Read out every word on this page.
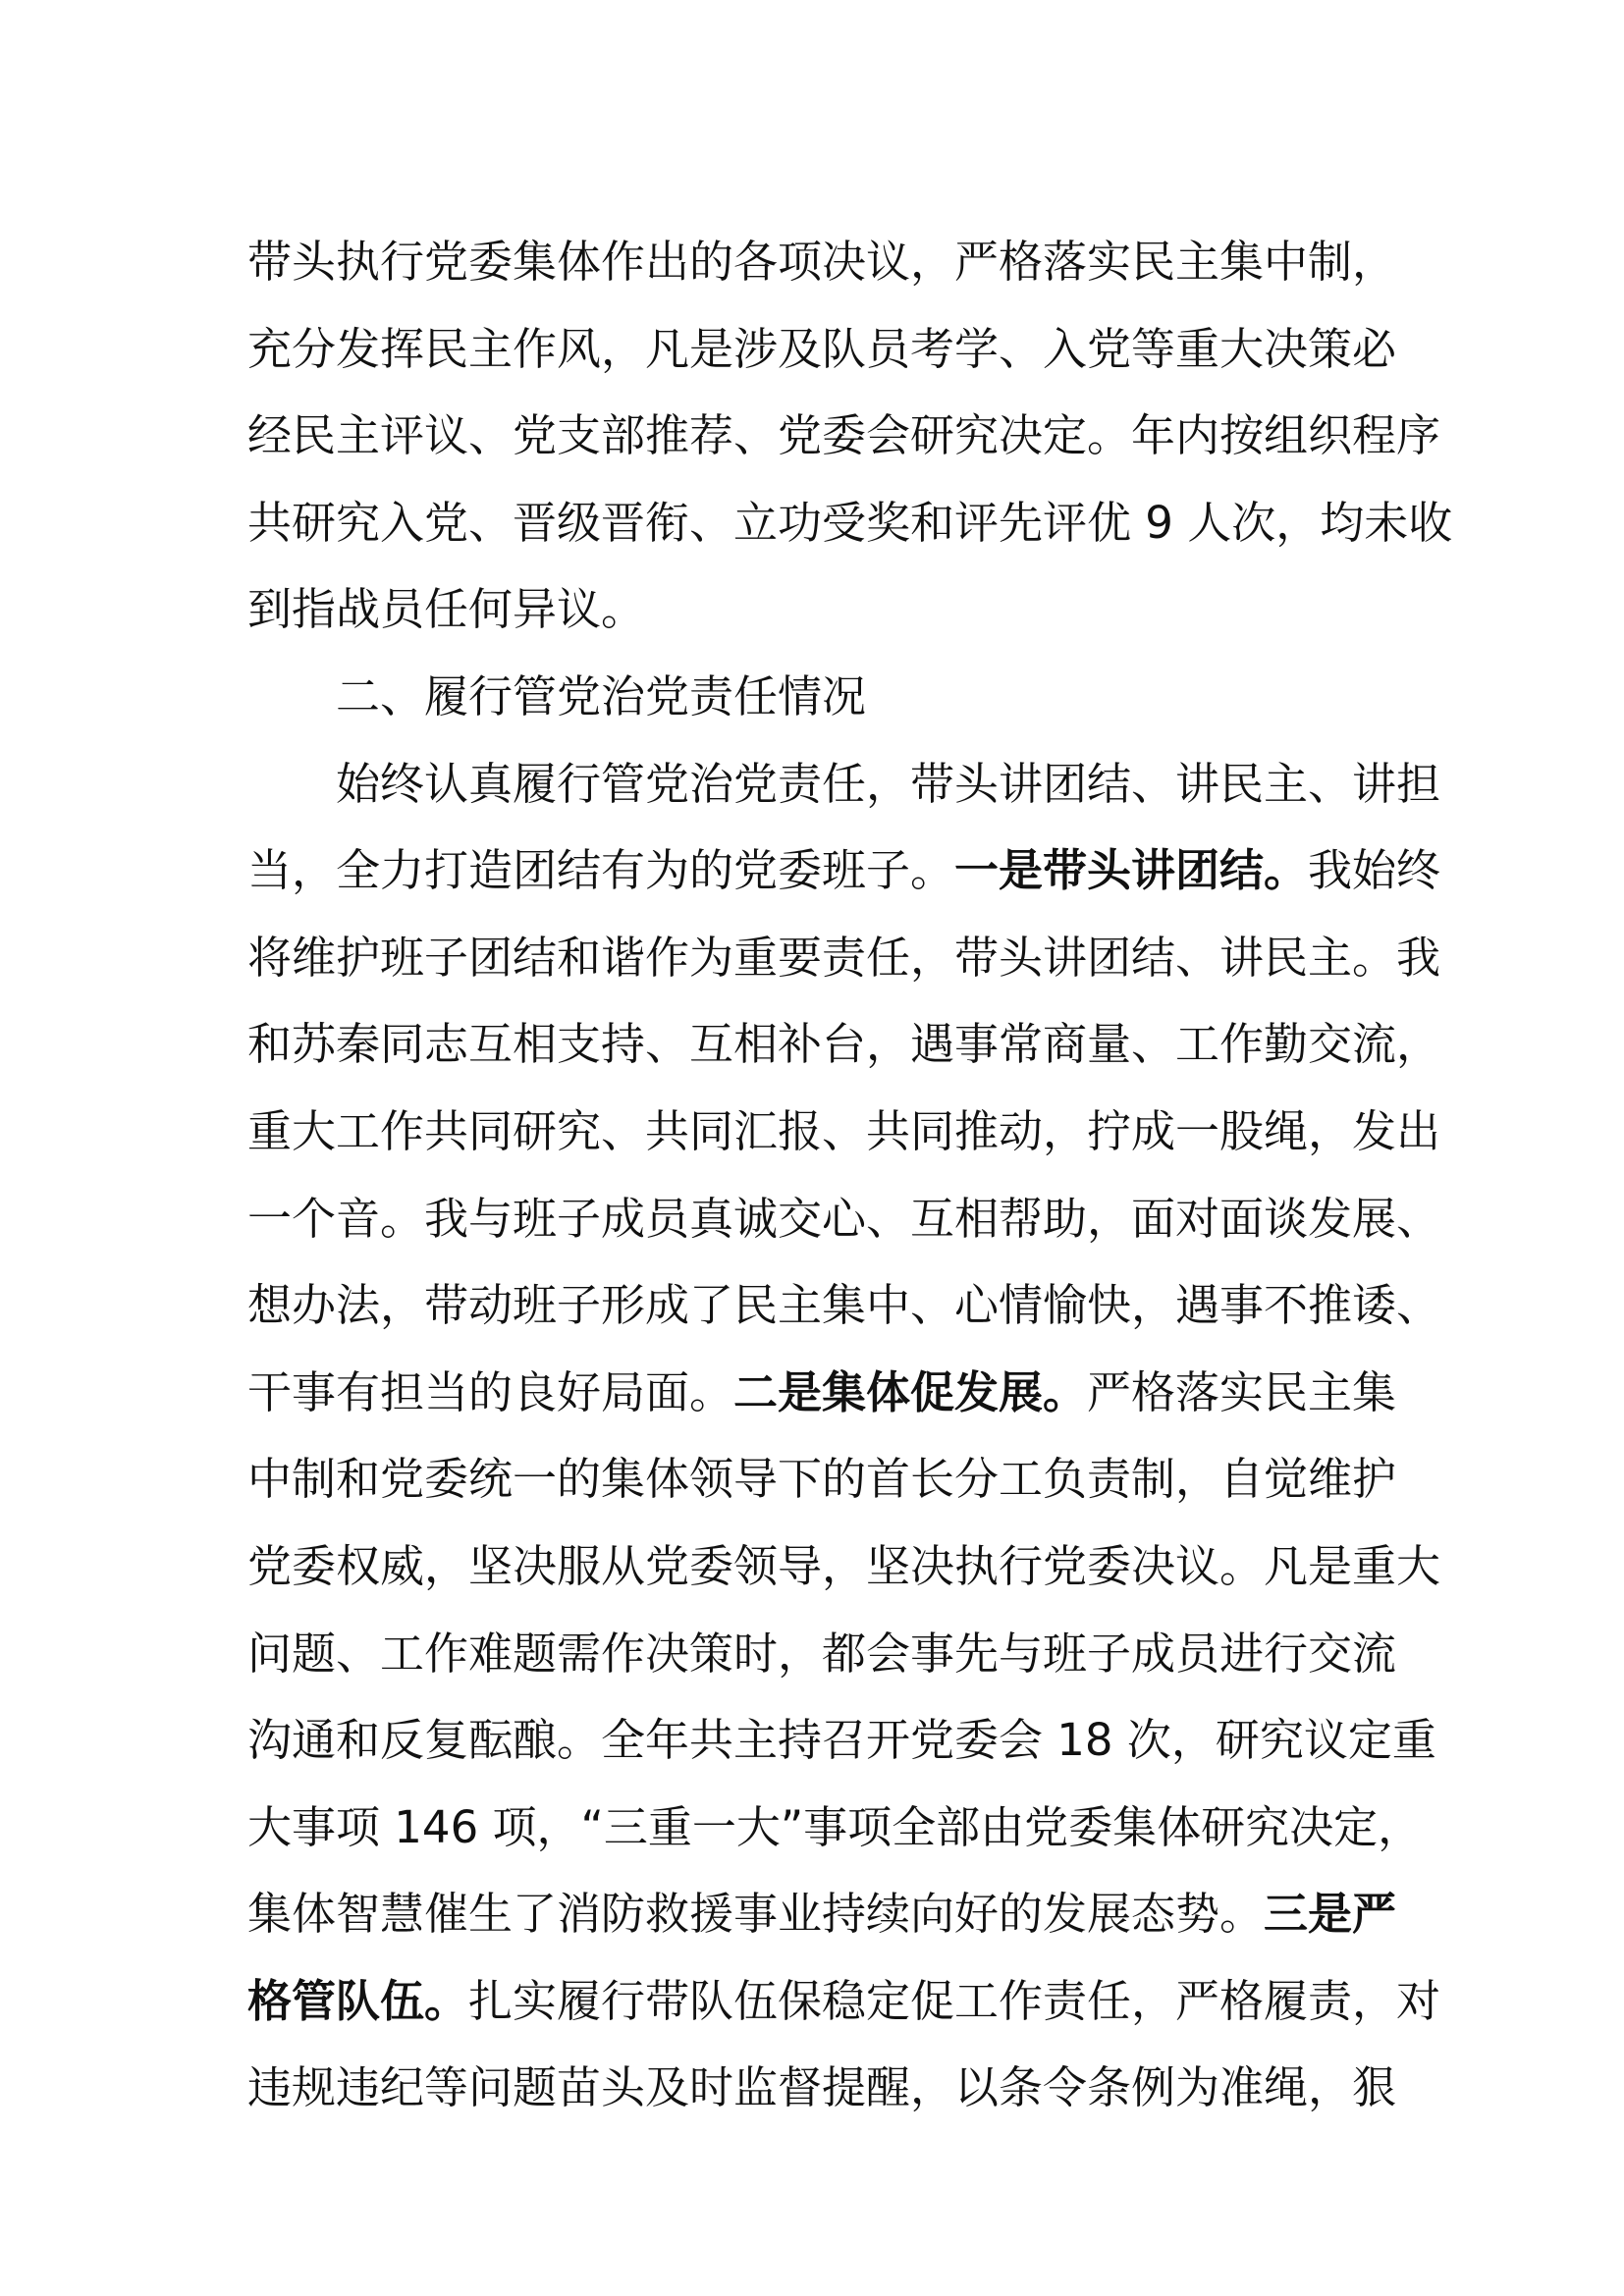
带头执行党委集体作出的各项决议，严格落实民主集中制，
充分发挥民主作风，凡是涉及队员考学、入党等重大决策必
经民主评议、党支部推荐、党委会研究决定。年内按组织程序
共研究入党、晋级晋衔、立功受奖和评先评优 9 人次，均未收
到指战员任何异议。
二、履行管党治党责任情况
始终认真履行管党治党责任，带头讲团结、讲民主、讲担
当，全力打造团结有为的党委班子。一是带头讲团结。我始终
将维护班子团结和谐作为重要责任，带头讲团结、讲民主。我
和苏秦同志互相支持、互相补台，遇事常商量、工作勤交流，
重大工作共同研究、共同汇报、共同推动，拧成一股绳，发出
一个音。我与班子成员真诚交心、互相帮助，面对面谈发展、
想办法，带动班子形成了民主集中、心情愉快，遇事不推诿、
干事有担当的良好局面。二是集体促发展。严格落实民主集
中制和党委统一的集体领导下的首长分工负责制，自觉维护
党委权威，坚决服从党委领导，坚决执行党委决议。凡是重大
问题、工作难题需作决策时，都会事先与班子成员进行交流
沟通和反复酝酿。全年共主持召开党委会 18 次，研究议定重
大事项 146 项，“三重一大”事项全部由党委集体研究决定，
集体智慧催生了消防救援事业持续向好的发展态势。三是严
格管队伍。扎实履行带队伍保稳定促工作责任，严格履责，对
违规违纪等问题苗头及时监督提醒，以条令条例为准绳，狠
